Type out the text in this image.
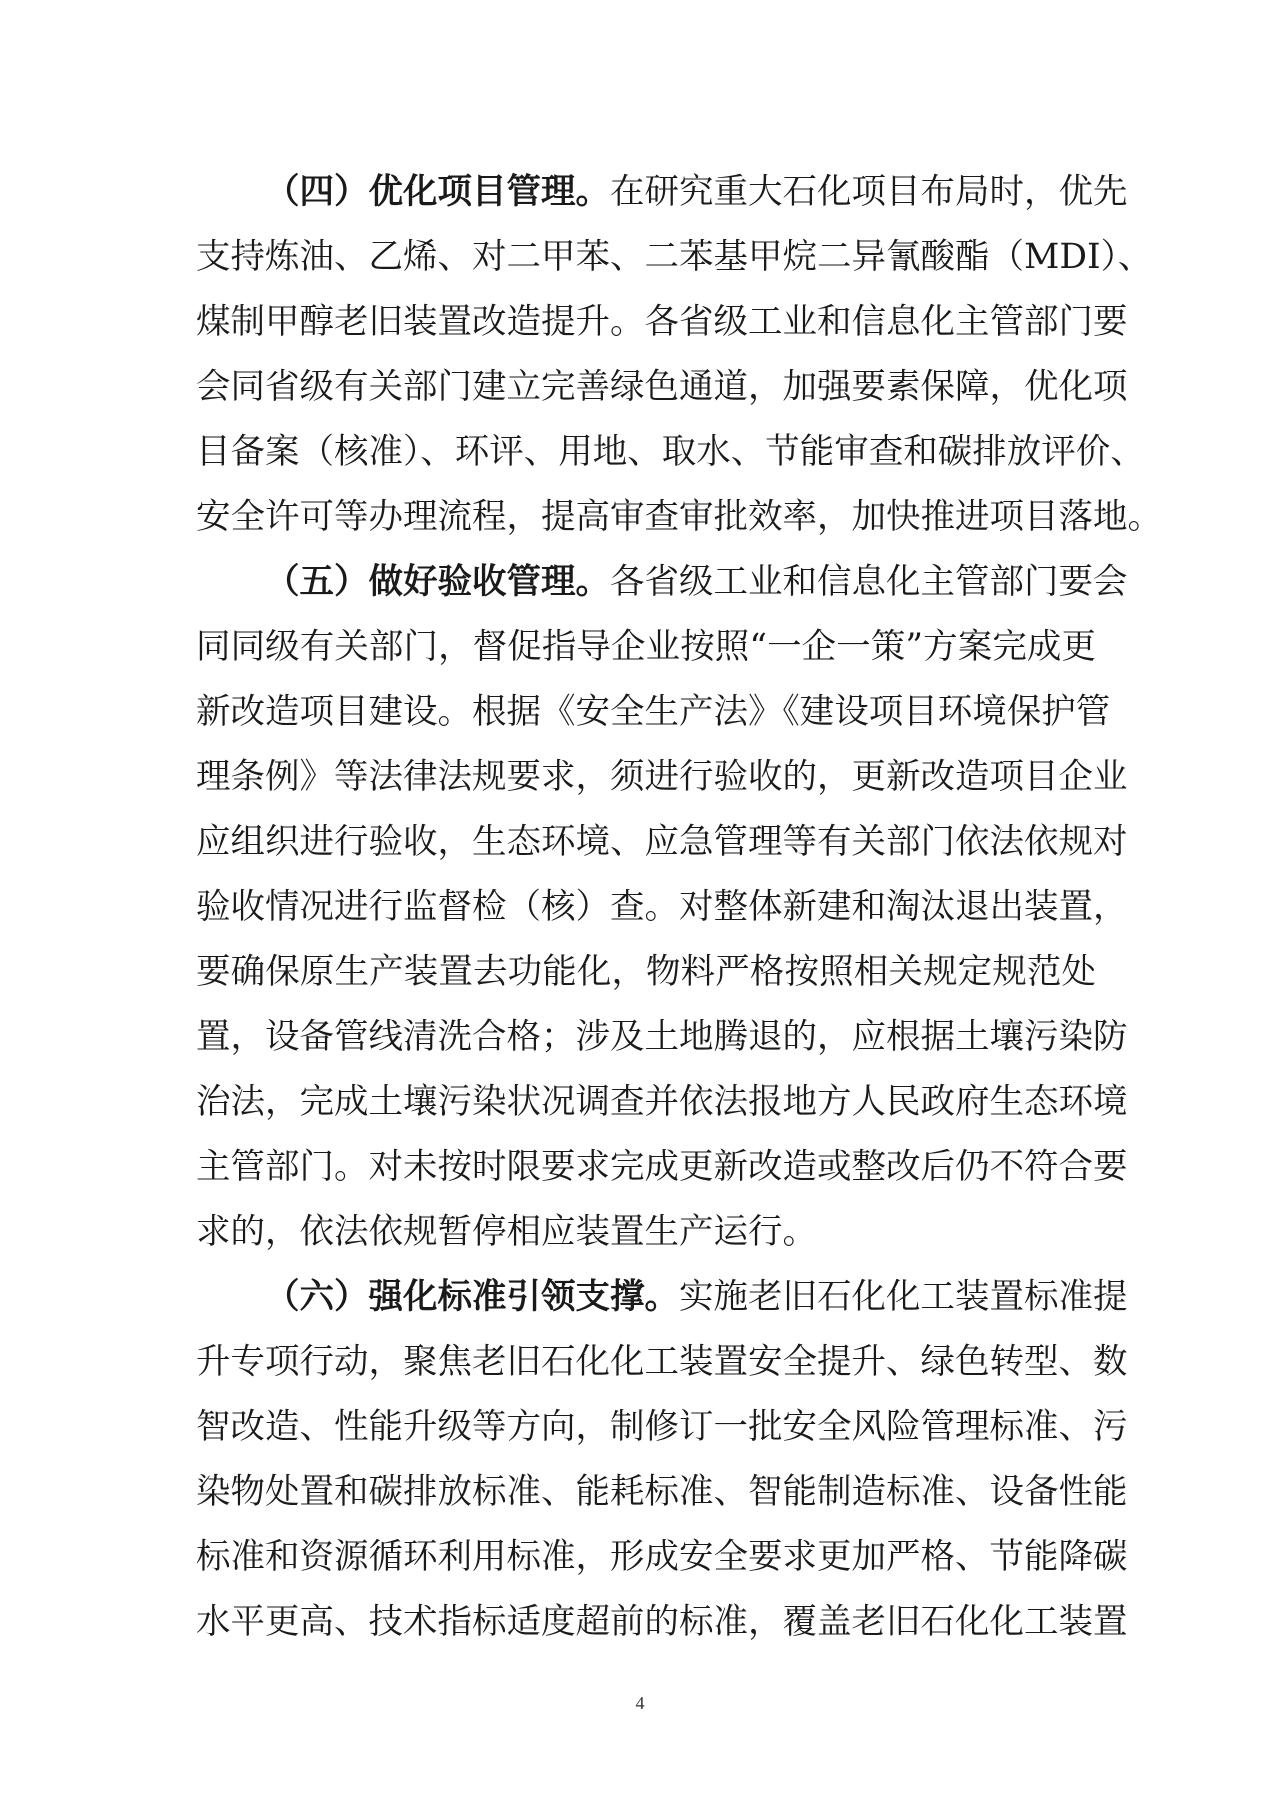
（四）优化项目管理。在研究重大石化项目布局时，优先
支持炼油、乙烯、对二甲苯、二苯基甲烷二异氰酸酯（MDI）、
煤制甲醇老旧装置改造提升。各省级工业和信息化主管部门要
会同省级有关部门建立完善绿色通道，加强要素保障，优化项
目备案（核准）、环评、用地、取水、节能审查和碳排放评价、
安全许可等办理流程，提高审查审批效率，加快推进项目落地。
（五）做好验收管理。各省级工业和信息化主管部门要会
同同级有关部门，督促指导企业按照“一企一策”方案完成更
新改造项目建设。根据《安全生产法》《建设项目环境保护管
理条例》等法律法规要求，须进行验收的，更新改造项目企业
应组织进行验收，生态环境、应急管理等有关部门依法依规对
验收情况进行监督检（核）查。对整体新建和淘汰退出装置，
要确保原生产装置去功能化，物料严格按照相关规定规范处
置，设备管线清洗合格；涉及土地腾退的，应根据土壤污染防
治法，完成土壤污染状况调查并依法报地方人民政府生态环境
主管部门。对未按时限要求完成更新改造或整改后仍不符合要
求的，依法依规暂停相应装置生产运行。
（六）强化标准引领支撑。实施老旧石化化工装置标准提
升专项行动，聚焦老旧石化化工装置安全提升、绿色转型、数
智改造、性能升级等方向，制修订一批安全风险管理标准、污
染物处置和碳排放标准、能耗标准、智能制造标准、设备性能
标准和资源循环利用标准，形成安全要求更加严格、节能降碳
水平更高、技术指标适度超前的标准，覆盖老旧石化化工装置
4
